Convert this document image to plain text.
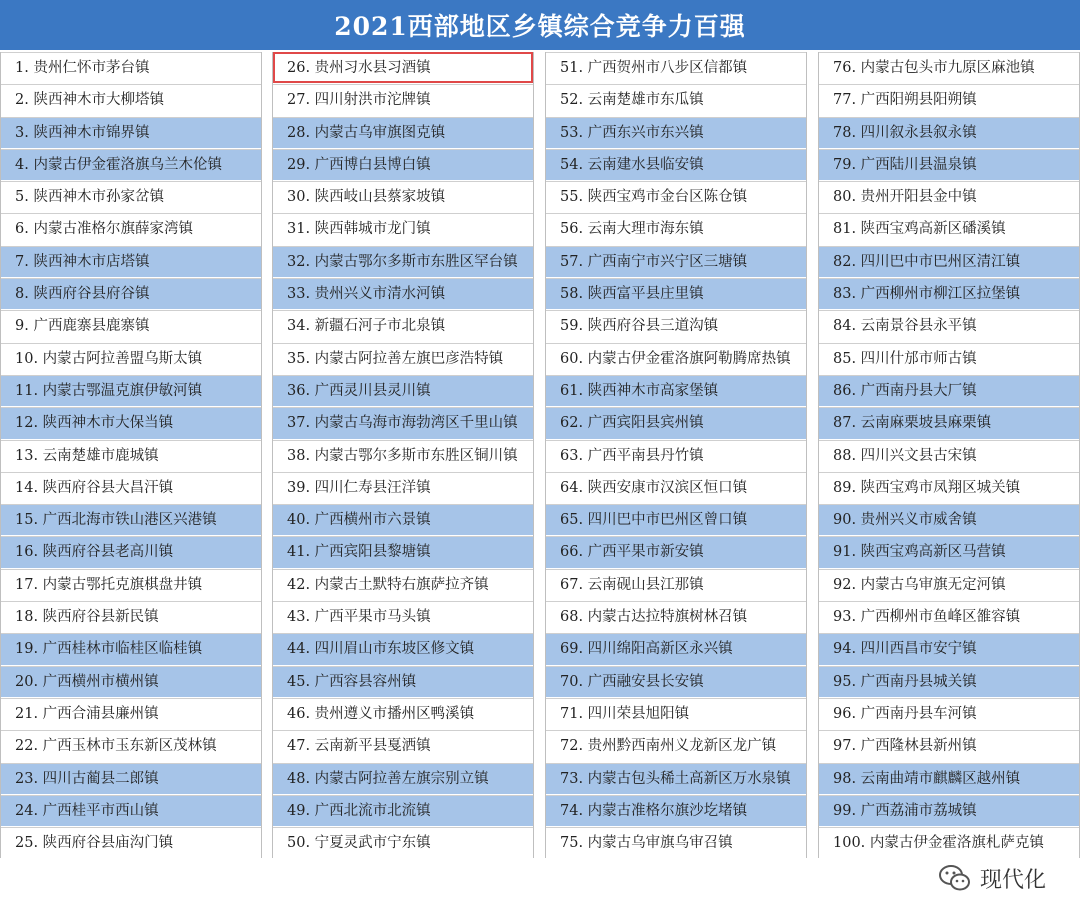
2021西部地区乡镇综合竞争力百强
1. 贵州仁怀市茅台镇
2. 陕西神木市大柳塔镇
3. 陕西神木市锦界镇
4. 内蒙古伊金霍洛旗乌兰木伦镇
5. 陕西神木市孙家岔镇
6. 内蒙古准格尔旗薛家湾镇
7. 陕西神木市店塔镇
8. 陕西府谷县府谷镇
9. 广西鹿寨县鹿寨镇
10. 内蒙古阿拉善盟乌斯太镇
11. 内蒙古鄂温克旗伊敏河镇
12. 陕西神木市大保当镇
13. 云南楚雄市鹿城镇
14. 陕西府谷县大昌汗镇
15. 广西北海市铁山港区兴港镇
16. 陕西府谷县老高川镇
17. 内蒙古鄂托克旗棋盘井镇
18. 陕西府谷县新民镇
19. 广西桂林市临桂区临桂镇
20. 广西横州市横州镇
21. 广西合浦县廉州镇
22. 广西玉林市玉东新区茂林镇
23. 四川古蔺县二郎镇
24. 广西桂平市西山镇
25. 陕西府谷县庙沟门镇
26. 贵州习水县习酒镇
27. 四川射洪市沱牌镇
28. 内蒙古乌审旗图克镇
29. 广西博白县博白镇
30. 陕西岐山县蔡家坡镇
31. 陕西韩城市龙门镇
32. 内蒙古鄂尔多斯市东胜区罕台镇
33. 贵州兴义市清水河镇
34. 新疆石河子市北泉镇
35. 内蒙古阿拉善左旗巴彦浩特镇
36. 广西灵川县灵川镇
37. 内蒙古乌海市海勃湾区千里山镇
38. 内蒙古鄂尔多斯市东胜区铜川镇
39. 四川仁寿县汪洋镇
40. 广西横州市六景镇
41. 广西宾阳县黎塘镇
42. 内蒙古土默特右旗萨拉齐镇
43. 广西平果市马头镇
44. 四川眉山市东坡区修文镇
45. 广西容县容州镇
46. 贵州遵义市播州区鸭溪镇
47. 云南新平县戛洒镇
48. 内蒙古阿拉善左旗宗别立镇
49. 广西北流市北流镇
50. 宁夏灵武市宁东镇
51. 广西贺州市八步区信都镇
52. 云南楚雄市东瓜镇
53. 广西东兴市东兴镇
54. 云南建水县临安镇
55. 陕西宝鸡市金台区陈仓镇
56. 云南大理市海东镇
57. 广西南宁市兴宁区三塘镇
58. 陕西富平县庄里镇
59. 陕西府谷县三道沟镇
60. 内蒙古伊金霍洛旗阿勒腾席热镇
61. 陕西神木市高家堡镇
62. 广西宾阳县宾州镇
63. 广西平南县丹竹镇
64. 陕西安康市汉滨区恒口镇
65. 四川巴中市巴州区曾口镇
66. 广西平果市新安镇
67. 云南砚山县江那镇
68. 内蒙古达拉特旗树林召镇
69. 四川绵阳高新区永兴镇
70. 广西融安县长安镇
71. 四川荣县旭阳镇
72. 贵州黔西南州义龙新区龙广镇
73. 内蒙古包头稀土高新区万水泉镇
74. 内蒙古准格尔旗沙圪堵镇
75. 内蒙古乌审旗乌审召镇
76. 内蒙古包头市九原区麻池镇
77. 广西阳朔县阳朔镇
78. 四川叙永县叙永镇
79. 广西陆川县温泉镇
80. 贵州开阳县金中镇
81. 陕西宝鸡高新区磻溪镇
82. 四川巴中市巴州区清江镇
83. 广西柳州市柳江区拉堡镇
84. 云南景谷县永平镇
85. 四川什邡市师古镇
86. 广西南丹县大厂镇
87. 云南麻栗坡县麻栗镇
88. 四川兴文县古宋镇
89. 陕西宝鸡市凤翔区城关镇
90. 贵州兴义市威舍镇
91. 陕西宝鸡高新区马营镇
92. 内蒙古乌审旗无定河镇
93. 广西柳州市鱼峰区雒容镇
94. 四川西昌市安宁镇
95. 广西南丹县城关镇
96. 广西南丹县车河镇
97. 广西隆林县新州镇
98. 云南曲靖市麒麟区越州镇
99. 广西荔浦市荔城镇
100. 内蒙古伊金霍洛旗札萨克镇
现代化
